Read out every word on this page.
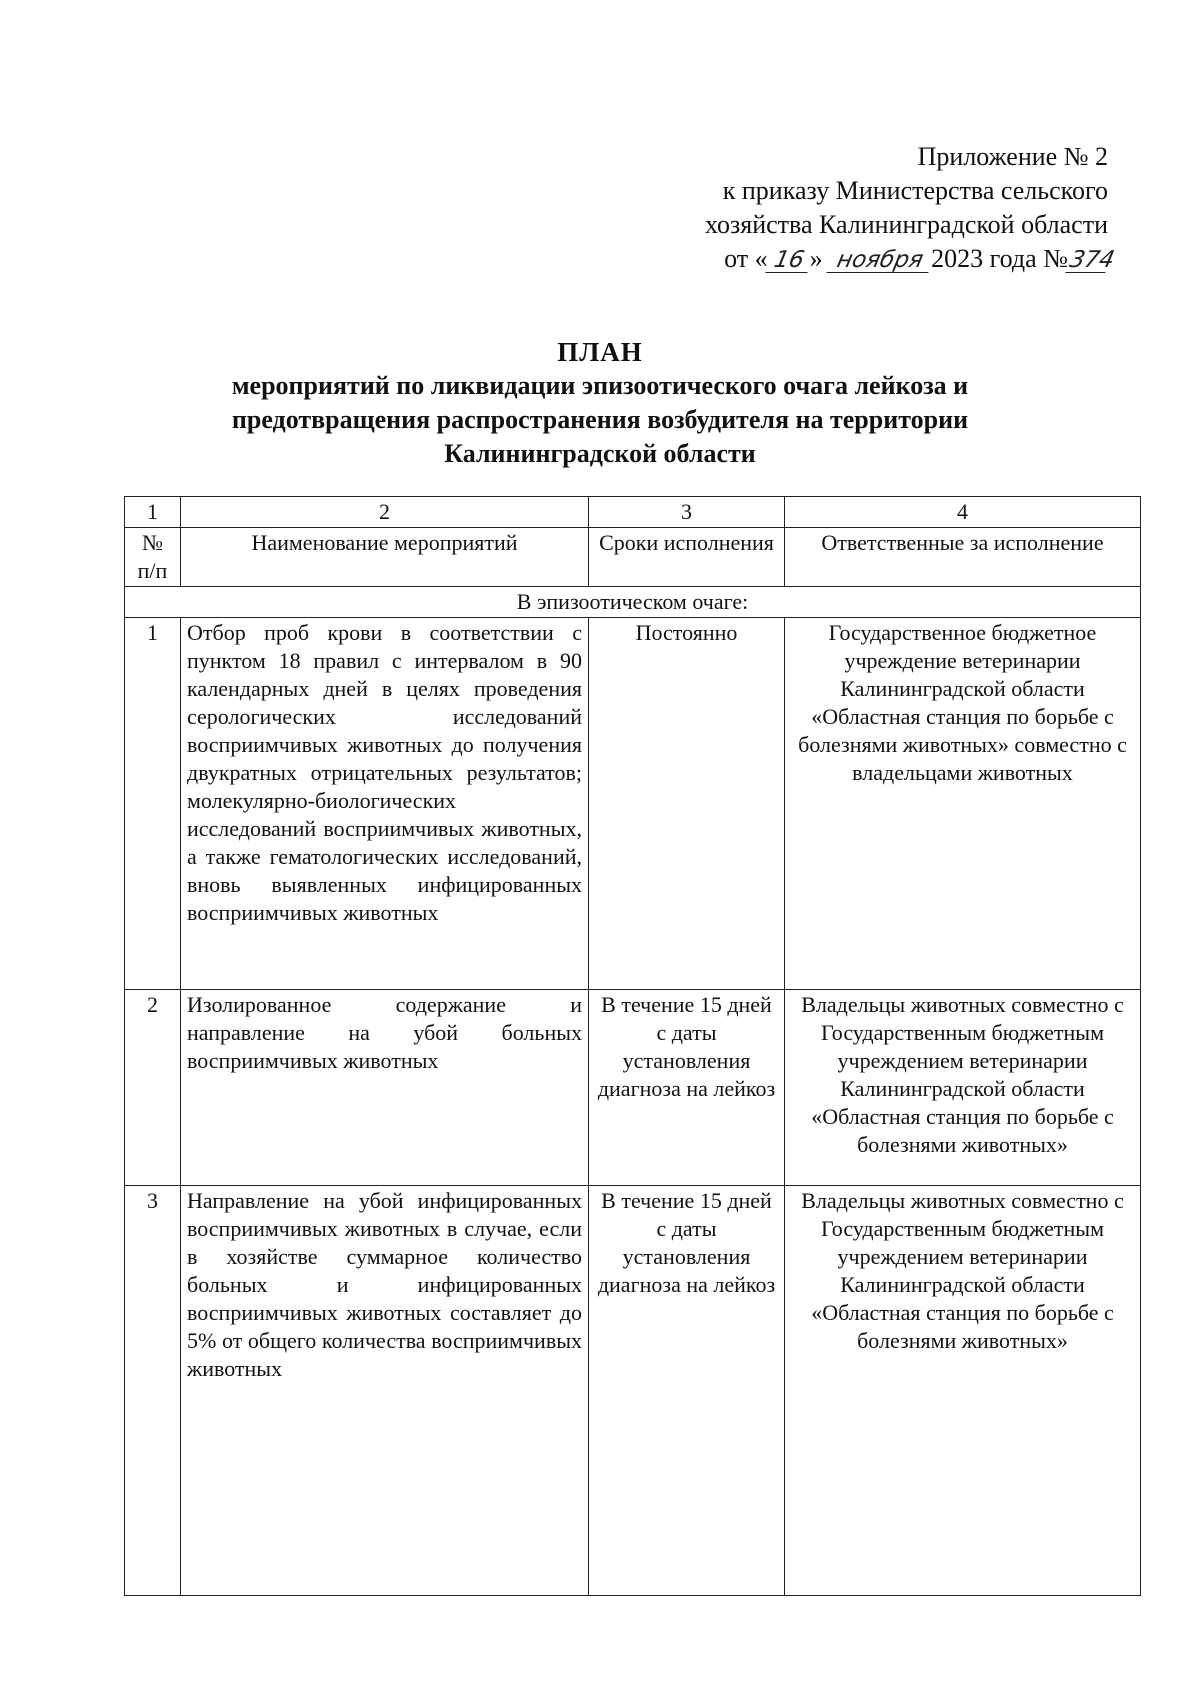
Приложение № 2
к приказу Министерства сельского
хозяйства Калининградской области
от « 16 » ноября 2023 года №374
ПЛАН
мероприятий по ликвидации эпизоотического очага лейкоза и
предотвращения распространения возбудителя на территории
Калининградской области
1	2	3	4
№ п/п	Наименование мероприятий	Сроки исполнения	Ответственные за исполнение
В эпизоотическом очаге:			
1	Отбор проб крови в соответствии с пунктом 18 правил с интервалом в 90 календарных дней в целях проведения серологических исследований восприимчивых животных до получения двукратных отрицательных результатов; молекулярно-биологических исследований восприимчивых животных, а также гематологических исследований, вновь выявленных инфицированных восприимчивых животных	Постоянно	Государственное бюджетное учреждение ветеринарии Калининградской области «Областная станция по борьбе с болезнями животных» совместно с владельцами животных
2	Изолированное содержание и направление на убой больных восприимчивых животных	В течение 15 дней с даты установления диагноза на лейкоз	Владельцы животных совместно с Государственным бюджетным учреждением ветеринарии Калининградской области «Областная станция по борьбе с болезнями животных»
3	Направление на убой инфицированных восприимчивых животных в случае, если в хозяйстве суммарное количество больных и инфицированных восприимчивых животных составляет до 5% от общего количества восприимчивых животных	В течение 15 дней с даты установления диагноза на лейкоз	Владельцы животных совместно с Государственным бюджетным учреждением ветеринарии Калининградской области «Областная станция по борьбе с болезнями животных»
